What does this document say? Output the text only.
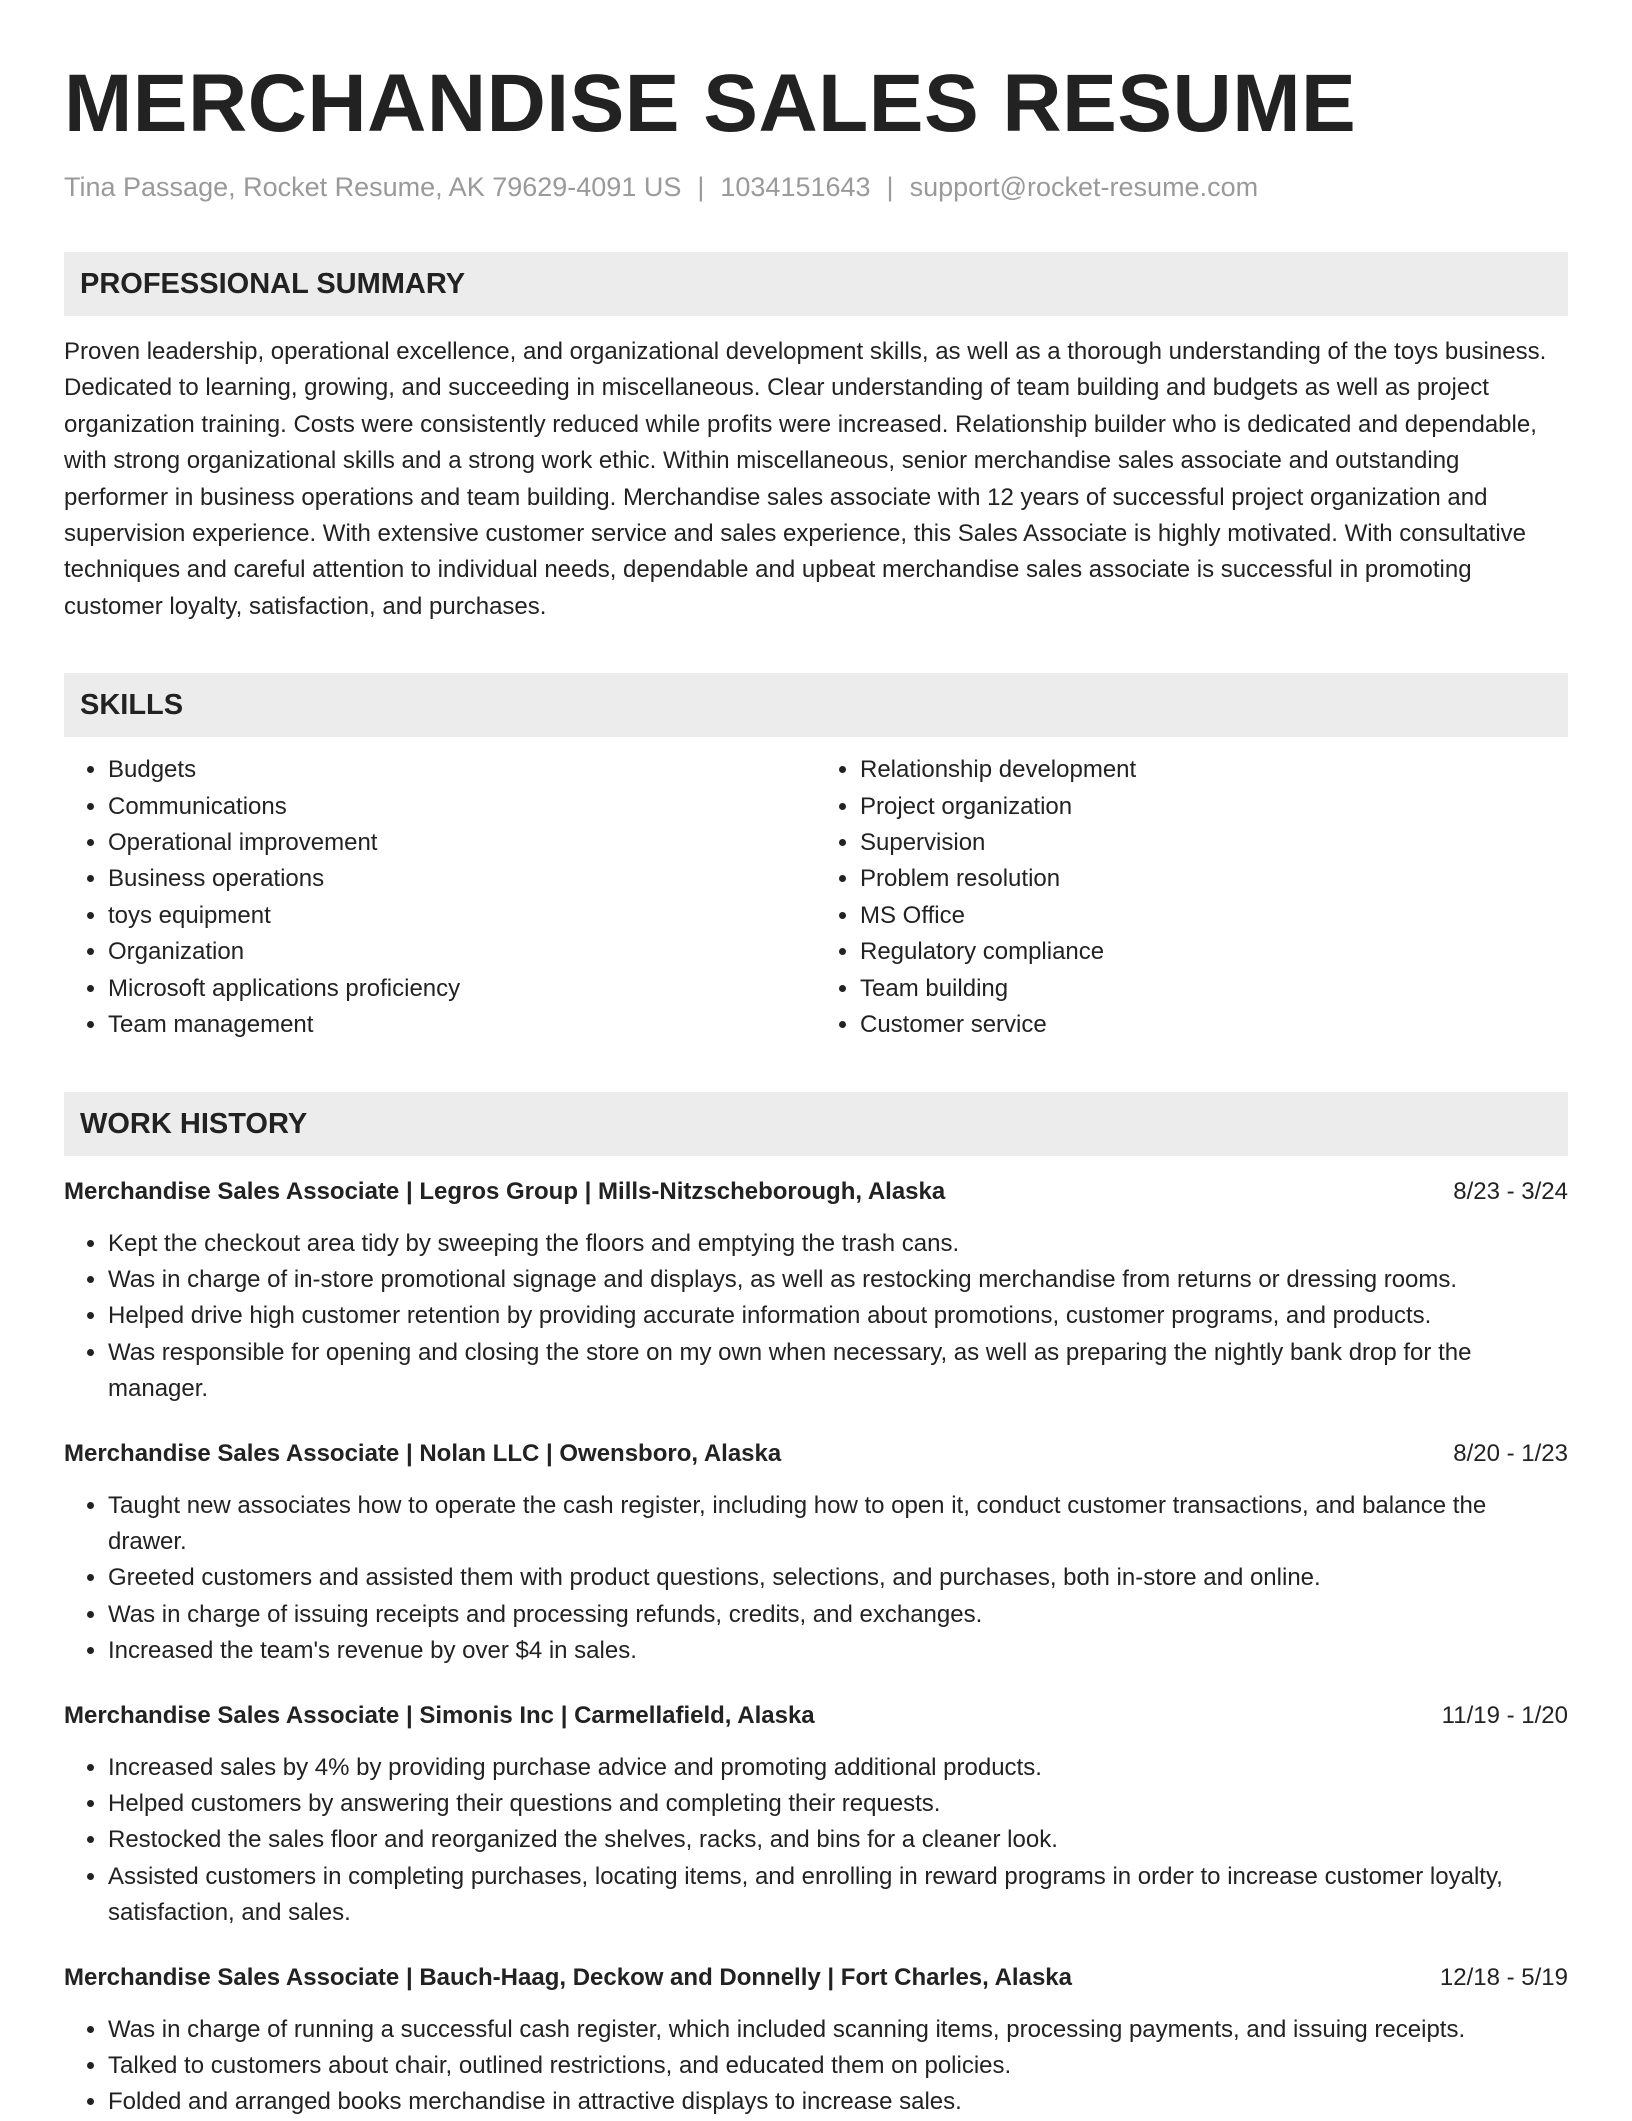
MERCHANDISE SALES RESUME
Tina Passage, Rocket Resume, AK 79629-4091 US | 1034151643 | support@rocket-resume.com
PROFESSIONAL SUMMARY
Proven leadership, operational excellence, and organizational development skills, as well as a thorough understanding of the toys business. Dedicated to learning, growing, and succeeding in miscellaneous. Clear understanding of team building and budgets as well as project organization training. Costs were consistently reduced while profits were increased. Relationship builder who is dedicated and dependable, with strong organizational skills and a strong work ethic. Within miscellaneous, senior merchandise sales associate and outstanding performer in business operations and team building. Merchandise sales associate with 12 years of successful project organization and supervision experience. With extensive customer service and sales experience, this Sales Associate is highly motivated. With consultative techniques and careful attention to individual needs, dependable and upbeat merchandise sales associate is successful in promoting customer loyalty, satisfaction, and purchases.
SKILLS
• Budgets
• Communications
• Operational improvement
• Business operations
• toys equipment
• Organization
• Microsoft applications proficiency
• Team management
• Relationship development
• Project organization
• Supervision
• Problem resolution
• MS Office
• Regulatory compliance
• Team building
• Customer service
WORK HISTORY
Merchandise Sales Associate | Legros Group | Mills-Nitzscheborough, Alaska	8/23 - 3/24
• Kept the checkout area tidy by sweeping the floors and emptying the trash cans.
• Was in charge of in-store promotional signage and displays, as well as restocking merchandise from returns or dressing rooms.
• Helped drive high customer retention by providing accurate information about promotions, customer programs, and products.
• Was responsible for opening and closing the store on my own when necessary, as well as preparing the nightly bank drop for the manager.
Merchandise Sales Associate | Nolan LLC | Owensboro, Alaska	8/20 - 1/23
• Taught new associates how to operate the cash register, including how to open it, conduct customer transactions, and balance the drawer.
• Greeted customers and assisted them with product questions, selections, and purchases, both in-store and online.
• Was in charge of issuing receipts and processing refunds, credits, and exchanges.
• Increased the team's revenue by over $4 in sales.
Merchandise Sales Associate | Simonis Inc | Carmellafield, Alaska	11/19 - 1/20
• Increased sales by 4% by providing purchase advice and promoting additional products.
• Helped customers by answering their questions and completing their requests.
• Restocked the sales floor and reorganized the shelves, racks, and bins for a cleaner look.
• Assisted customers in completing purchases, locating items, and enrolling in reward programs in order to increase customer loyalty, satisfaction, and sales.
Merchandise Sales Associate | Bauch-Haag, Deckow and Donnelly | Fort Charles, Alaska	12/18 - 5/19
• Was in charge of running a successful cash register, which included scanning items, processing payments, and issuing receipts.
• Talked to customers about chair, outlined restrictions, and educated them on policies.
• Folded and arranged books merchandise in attractive displays to increase sales.
